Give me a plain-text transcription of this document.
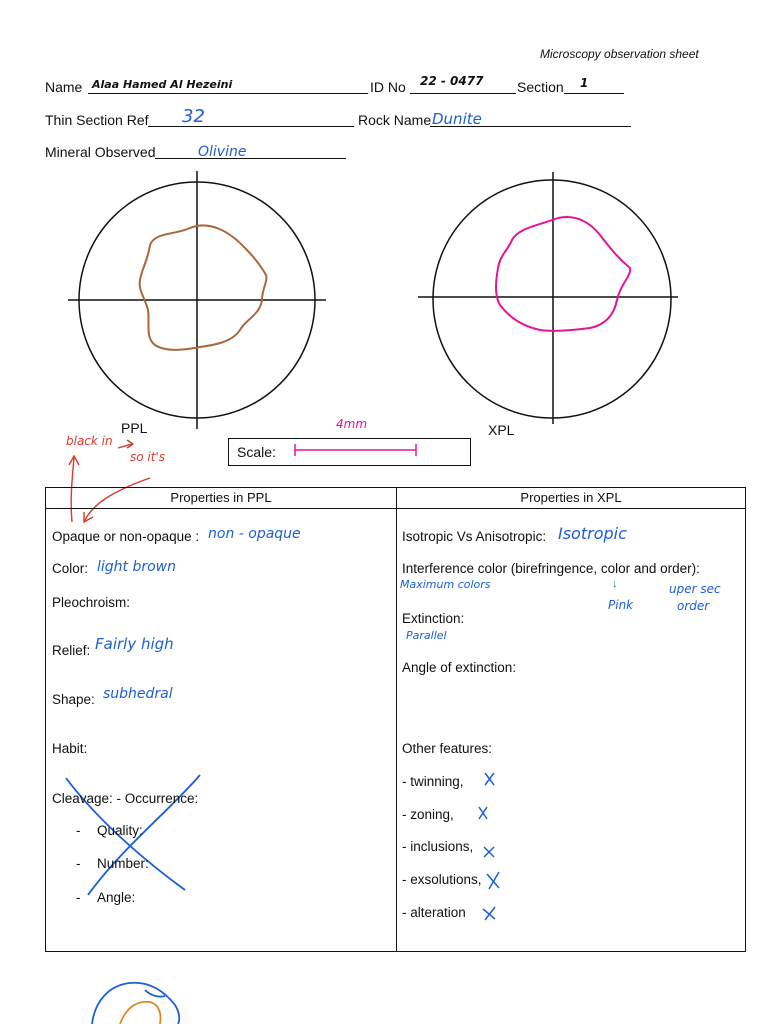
Microscopy observation sheet
Name Alaa Hamed Al Hezeini	ID No 22 - 0477 Section 1
Thin Section Ref 32	Rock Name Dunite
Mineral Observed	Olivine
PPL	XPL
black in
so it's
4mm
Scale:
Properties in PPL	Properties in XPL
Opaque or non-opaque : non - opaque
Color: light brown
Pleochroism:
Relief: Fairly high
Shape: subhedral
Habit:
Cleavage: - Occurrence:
- Quality:
- Number:
- Angle:
Isotropic Vs Anisotropic: Isotropic
Interference color (birefringence, color and order):
Maximum colors	↓
Pink
uper sec
order
Extinction:
Parallel
Angle of extinction:
Other features:
- twinning,
- zoning,
- inclusions,
- exsolutions,
- alteration
